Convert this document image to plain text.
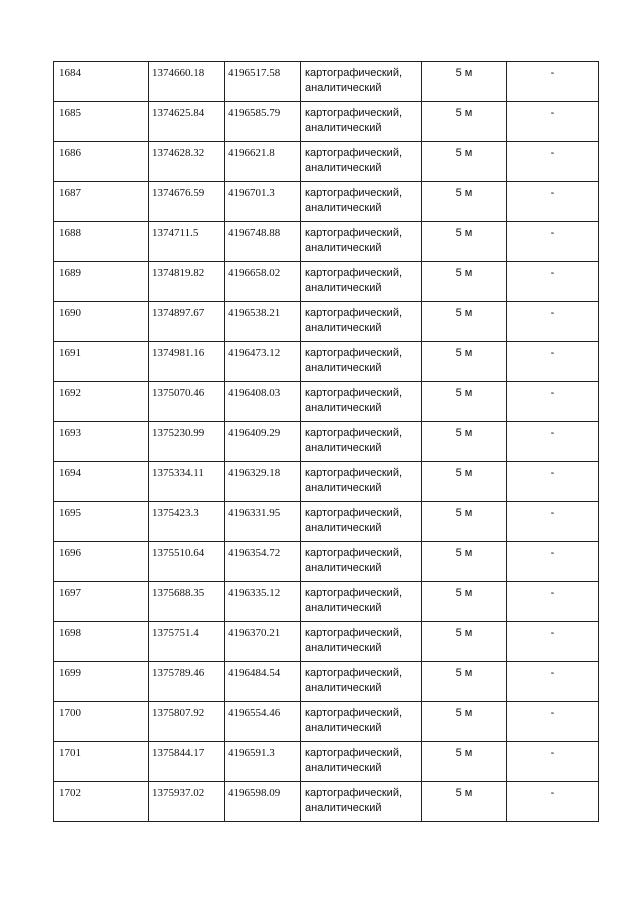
1684	1374660.18	4196517.58	картографический, аналитический	5 м	-
1685	1374625.84	4196585.79	картографический, аналитический	5 м	-
1686	1374628.32	4196621.8	картографический, аналитический	5 м	-
1687	1374676.59	4196701.3	картографический, аналитический	5 м	-
1688	1374711.5	4196748.88	картографический, аналитический	5 м	-
1689	1374819.82	4196658.02	картографический, аналитический	5 м	-
1690	1374897.67	4196538.21	картографический, аналитический	5 м	-
1691	1374981.16	4196473.12	картографический, аналитический	5 м	-
1692	1375070.46	4196408.03	картографический, аналитический	5 м	-
1693	1375230.99	4196409.29	картографический, аналитический	5 м	-
1694	1375334.11	4196329.18	картографический, аналитический	5 м	-
1695	1375423.3	4196331.95	картографический, аналитический	5 м	-
1696	1375510.64	4196354.72	картографический, аналитический	5 м	-
1697	1375688.35	4196335.12	картографический, аналитический	5 м	-
1698	1375751.4	4196370.21	картографический, аналитический	5 м	-
1699	1375789.46	4196484.54	картографический, аналитический	5 м	-
1700	1375807.92	4196554.46	картографический, аналитический	5 м	-
1701	1375844.17	4196591.3	картографический, аналитический	5 м	-
1702	1375937.02	4196598.09	картографический, аналитический	5 м	-
